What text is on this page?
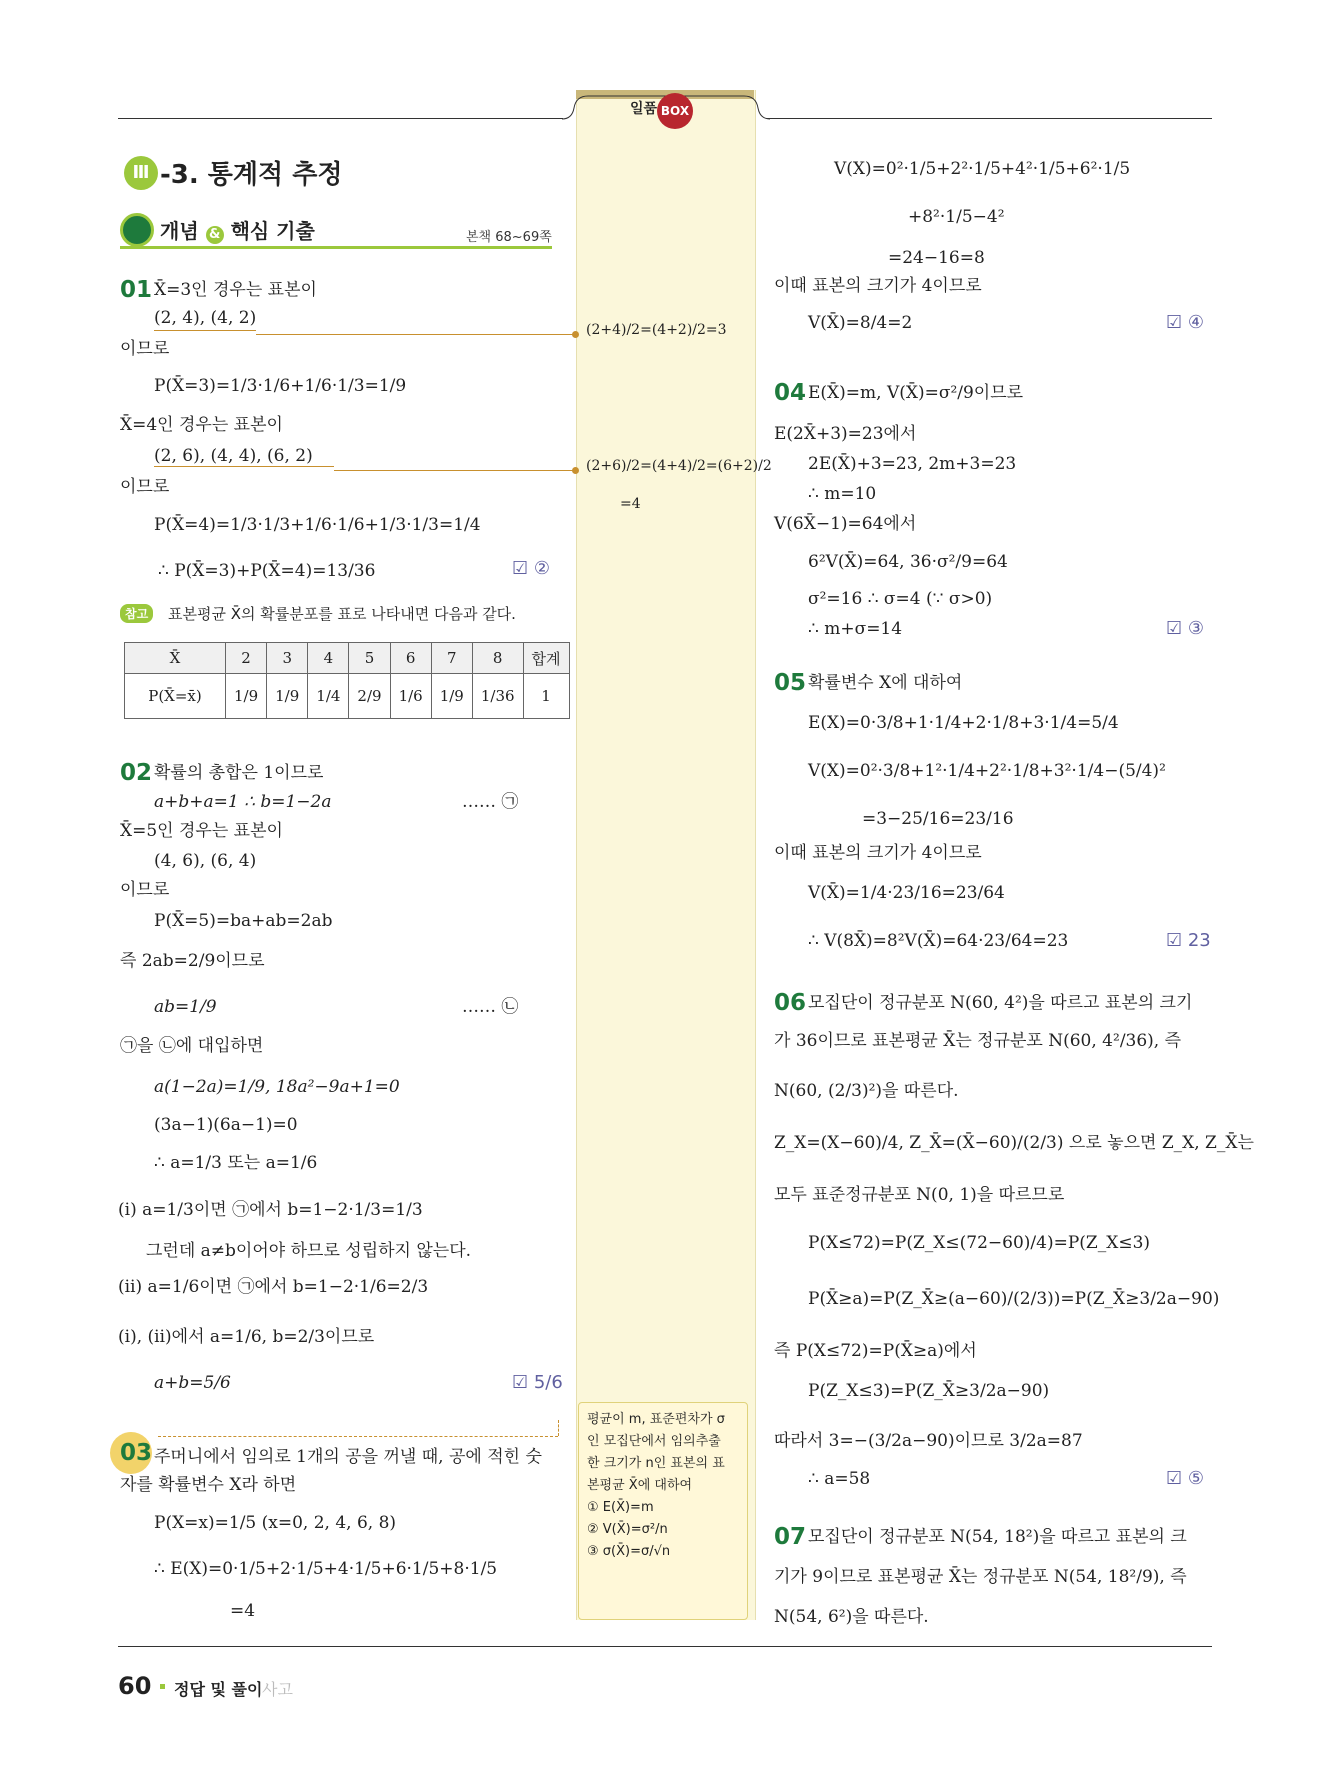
일품 BOX
Ⅲ -3. 통계적 추정
개념 & 핵심 기출	본책 68~69쪽
01 X̄=3인 경우는 표본이
(2, 4), (4, 2)
이므로
P(X̄=3)=1/3·1/6+1/6·1/3=1/9
X̄=4인 경우는 표본이
(2, 6), (4, 4), (6, 2)
이므로
P(X̄=4)=1/3·1/3+1/6·1/6+1/3·1/3=1/4
∴ P(X̄=3)+P(X̄=4)=13/36	☑ ②
(2+4)/2=(4+2)/2=3
(2+6)/2=(4+4)/2=(6+2)/2
=4
참고	표본평균 X̄의 확률분포를 표로 나타내면 다음과 같다.
X̄	2	3	4	5	6	7	8	합계
P(X̄=x̄)	1/9	1/9	1/4	2/9	1/6	1/9	1/36	1
02 확률의 총합은 1이므로
a+b+a=1 ∴ b=1−2a	…… ㉠
X̄=5인 경우는 표본이
(4, 6), (6, 4)
이므로
P(X̄=5)=ba+ab=2ab
즉 2ab=2/9이므로
ab=1/9	…… ㉡
㉠을 ㉡에 대입하면
a(1−2a)=1/9, 18a²−9a+1=0
(3a−1)(6a−1)=0
∴ a=1/3 또는 a=1/6
(ⅰ) a=1/3이면 ㉠에서 b=1−2·1/3=1/3
그런데 a≠b이어야 하므로 성립하지 않는다.
(ⅱ) a=1/6이면 ㉠에서 b=1−2·1/6=2/3
(ⅰ), (ⅱ)에서 a=1/6, b=2/3이므로
a+b=5/6	☑ 5/6
03 주머니에서 임의로 1개의 공을 꺼낼 때, 공에 적힌 숫
자를 확률변수 X라 하면
P(X=x)=1/5 (x=0, 2, 4, 6, 8)
∴ E(X)=0·1/5+2·1/5+4·1/5+6·1/5+8·1/5
=4
평균이 m, 표준편차가 σ
인 모집단에서 임의추출
한 크기가 n인 표본의 표
본평균 X̄에 대하여
① E(X̄)=m
② V(X̄)=σ²/n
③ σ(X̄)=σ/√n
V(X)=0²·1/5+2²·1/5+4²·1/5+6²·1/5
+8²·1/5−4²
=24−16=8
이때 표본의 크기가 4이므로
V(X̄)=8/4=2	☑ ④
04 E(X̄)=m, V(X̄)=σ²/9이므로
E(2X̄+3)=23에서
2E(X̄)+3=23, 2m+3=23
∴ m=10
V(6X̄−1)=64에서
6²V(X̄)=64, 36·σ²/9=64
σ²=16 ∴ σ=4 (∵ σ>0)
∴ m+σ=14	☑ ③
05 확률변수 X에 대하여
E(X)=0·3/8+1·1/4+2·1/8+3·1/4=5/4
V(X)=0²·3/8+1²·1/4+2²·1/8+3²·1/4−(5/4)²
=3−25/16=23/16
이때 표본의 크기가 4이므로
V(X̄)=1/4·23/16=23/64
∴ V(8X̄)=8²V(X̄)=64·23/64=23	☑ 23
06 모집단이 정규분포 N(60, 4²)을 따르고 표본의 크기
가 36이므로 표본평균 X̄는 정규분포 N(60, 4²/36), 즉
N(60, (2/3)²)을 따른다.
Z_X=(X−60)/4, Z_X̄=(X̄−60)/(2/3) 으로 놓으면 Z_X, Z_X̄는
모두 표준정규분포 N(0, 1)을 따르므로
P(X≤72)=P(Z_X≤(72−60)/4)=P(Z_X≤3)
P(X̄≥a)=P(Z_X̄≥(a−60)/(2/3))=P(Z_X̄≥3/2a−90)
즉 P(X≤72)=P(X̄≥a)에서
P(Z_X≤3)=P(Z_X̄≥3/2a−90)
따라서 3=−(3/2a−90)이므로 3/2a=87
∴ a=58	☑ ⑤
07 모집단이 정규분포 N(54, 18²)을 따르고 표본의 크
기가 9이므로 표본평균 X̄는 정규분포 N(54, 18²/9), 즉
N(54, 6²)을 따른다.
60 정답 및 풀이 사고
